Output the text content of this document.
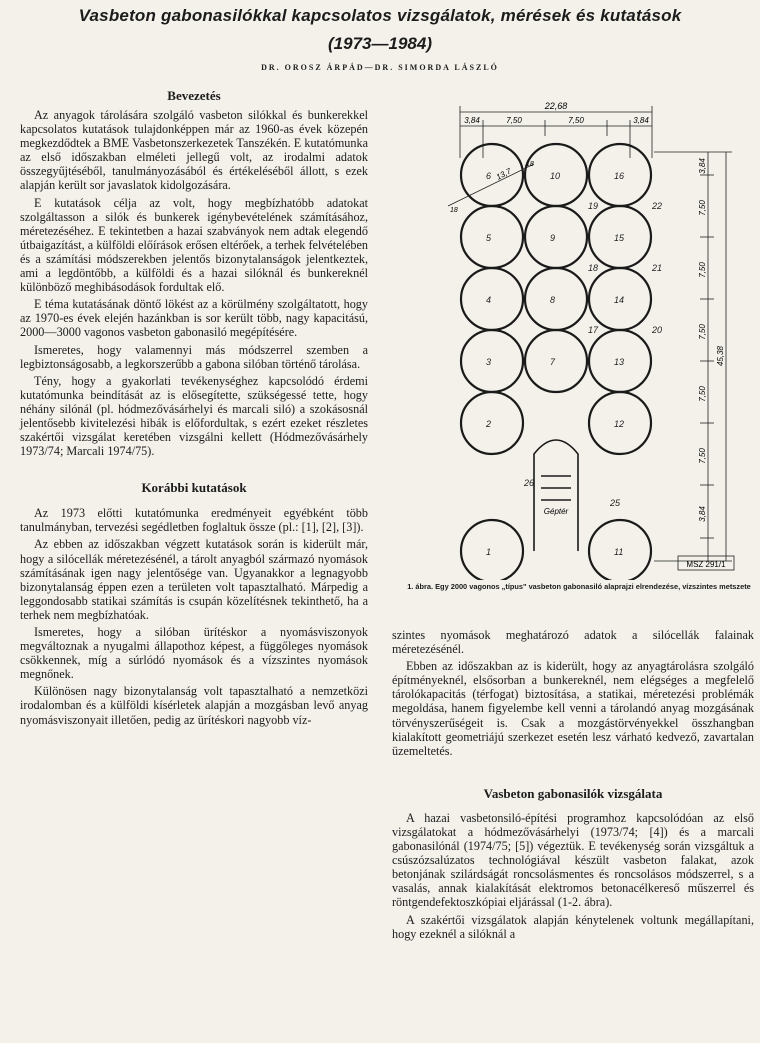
Vasbeton gabonasilókkal kapcsolatos vizsgálatok, mérések és kutatások
(1973—1984)
DR. OROSZ ÁRPÁD—DR. SIMORDA LÁSZLÓ

Bevezetés

Az anyagok tárolására szolgáló vasbeton silókkal és bunkerekkel kapcsolatos kutatások tulajdonképpen már az 1960-as évek közepén megkezdődtek a BME Vasbetonszerkezetek Tanszékén. E kutatómunka az első időszakban elméleti jellegű volt, az irodalmi adatok összegyűjtéséből, tanulmányozásából és értékeléséből állott, s ezek alapján került sor javaslatok kidolgozására.

E kutatások célja az volt, hogy megbízhatóbb adatokat szolgáltasson a silók és bunkerek igénybevételének számításához, méretezéséhez. E tekintetben a hazai szabványok nem adtak elegendő útbaigazítást, a külföldi előírások erősen eltérőek, a terhek felvételében és a számítási módszerekben jelentős bizonytalanságok jelentkeztek, ami a legdöntőbb, a külföldi és a hazai silóknál és bunkereknél különböző meghibásodások fordultak elő.

E téma kutatásának döntő lökést az a körülmény szolgáltatott, hogy az 1970-es évek elején hazánkban is sor került több, nagy kapacitású, 2000—3000 vagonos vasbeton gabonasiló megépítésére.

Ismeretes, hogy valamennyi más módszerrel szemben a legbiztonságosabb, a legkorszerűbb a gabona silóban történő tárolása.

Tény, hogy a gyakorlati tevékenységhez kapcsolódó érdemi kutatómunka beindítását az is elősegítette, szükségessé tette, hogy néhány silónál (pl. hódmezővásárhelyi és marcali siló) a szokásosnál jelentősebb kivitelezési hibák is előfordultak, s ezért ezeket részletes szakértői vizsgálat keretében vizsgálni kellett (Hódmezővásárhely 1973/74; Marcali 1974/75).

Korábbi kutatások

Az 1973 előtti kutatómunka eredményeit egyébként több tanulmányban, tervezési segédletben foglaltuk össze (pl.: [1], [2], [3]).

Az ebben az időszakban végzett kutatások során is kiderült már, hogy a silócellák méretezésénél, a tárolt anyagból származó nyomások számításának igen nagy jelentősége van. Ugyanakkor a legnagyobb bizonytalanság éppen ezen a területen volt tapasztalható. Márpedig a leggondosabb statikai számítás is csupán közelítésnek tekinthető, ha a terhek nem megbízhatóak.

Ismeretes, hogy a silóban ürítéskor a nyomásviszonyok megváltoznak a nyugalmi állapothoz képest, a függőleges nyomások csökkennek, míg a súrlódó nyomások és a vízszintes nyomások megnőnek.

Különösen nagy bizonytalanság volt tapasztalható a nemzetközi irodalomban és a külföldi kísérletek alapján a mozgásban levő anyag nyomásviszonyait illetően, pedig az ürítéskori nagyobb víz-

22,68
3,84	7,50	7,50	3,84
3,84
7,50
7,50
7,50
7,50
7,50
3,84
45,38
6	10	16
19	22
5	9	15
18	21
4	8	14
17	20
3	7	13
2	12
26
25
1	11
13,7
18
18
Géptér
MSZ 291/1
1. ábra. Egy 2000 vagonos „típus" vasbeton gabonasiló alaprajzi elrendezése, vízszintes metszete

szintes nyomások meghatározó adatok a silócellák falainak méretezésénél.

Ebben az időszakban az is kiderült, hogy az anyagtárolásra szolgáló építményeknél, elsősorban a bunkereknél, nem elégséges a megfelelő tárolókapacitás (térfogat) biztosítása, a statikai, méretezési problémák megoldása, hanem figyelembe kell venni a tárolandó anyag mozgásának törvényszerűségeit is. Csak a mozgástörvényekkel összhangban kialakított geometriájú szerkezet esetén lesz várható kedvező, zavartalan üzemeltetés.

Vasbeton gabonasilók vizsgálata

A hazai vasbetonsiló-építési programhoz kapcsolódóan az első vizsgálatokat a hódmezővásárhelyi (1973/74; [4]) és a marcali gabonasilónál (1974/75; [5]) végeztük. E tevékenység során vizsgáltuk a csúszózsalúzatos technológiával készült vasbeton falakat, azok betonjának szilárdságát roncsolásmentes és roncsolásos módszerrel, s a vasalás, annak kialakítását elektromos betonacélkereső műszerrel és röntgendefektoszkópiai eljárással (1-2. ábra).

A szakértői vizsgálatok alapján kénytelenek voltunk megállapítani, hogy ezeknél a silóknál a
